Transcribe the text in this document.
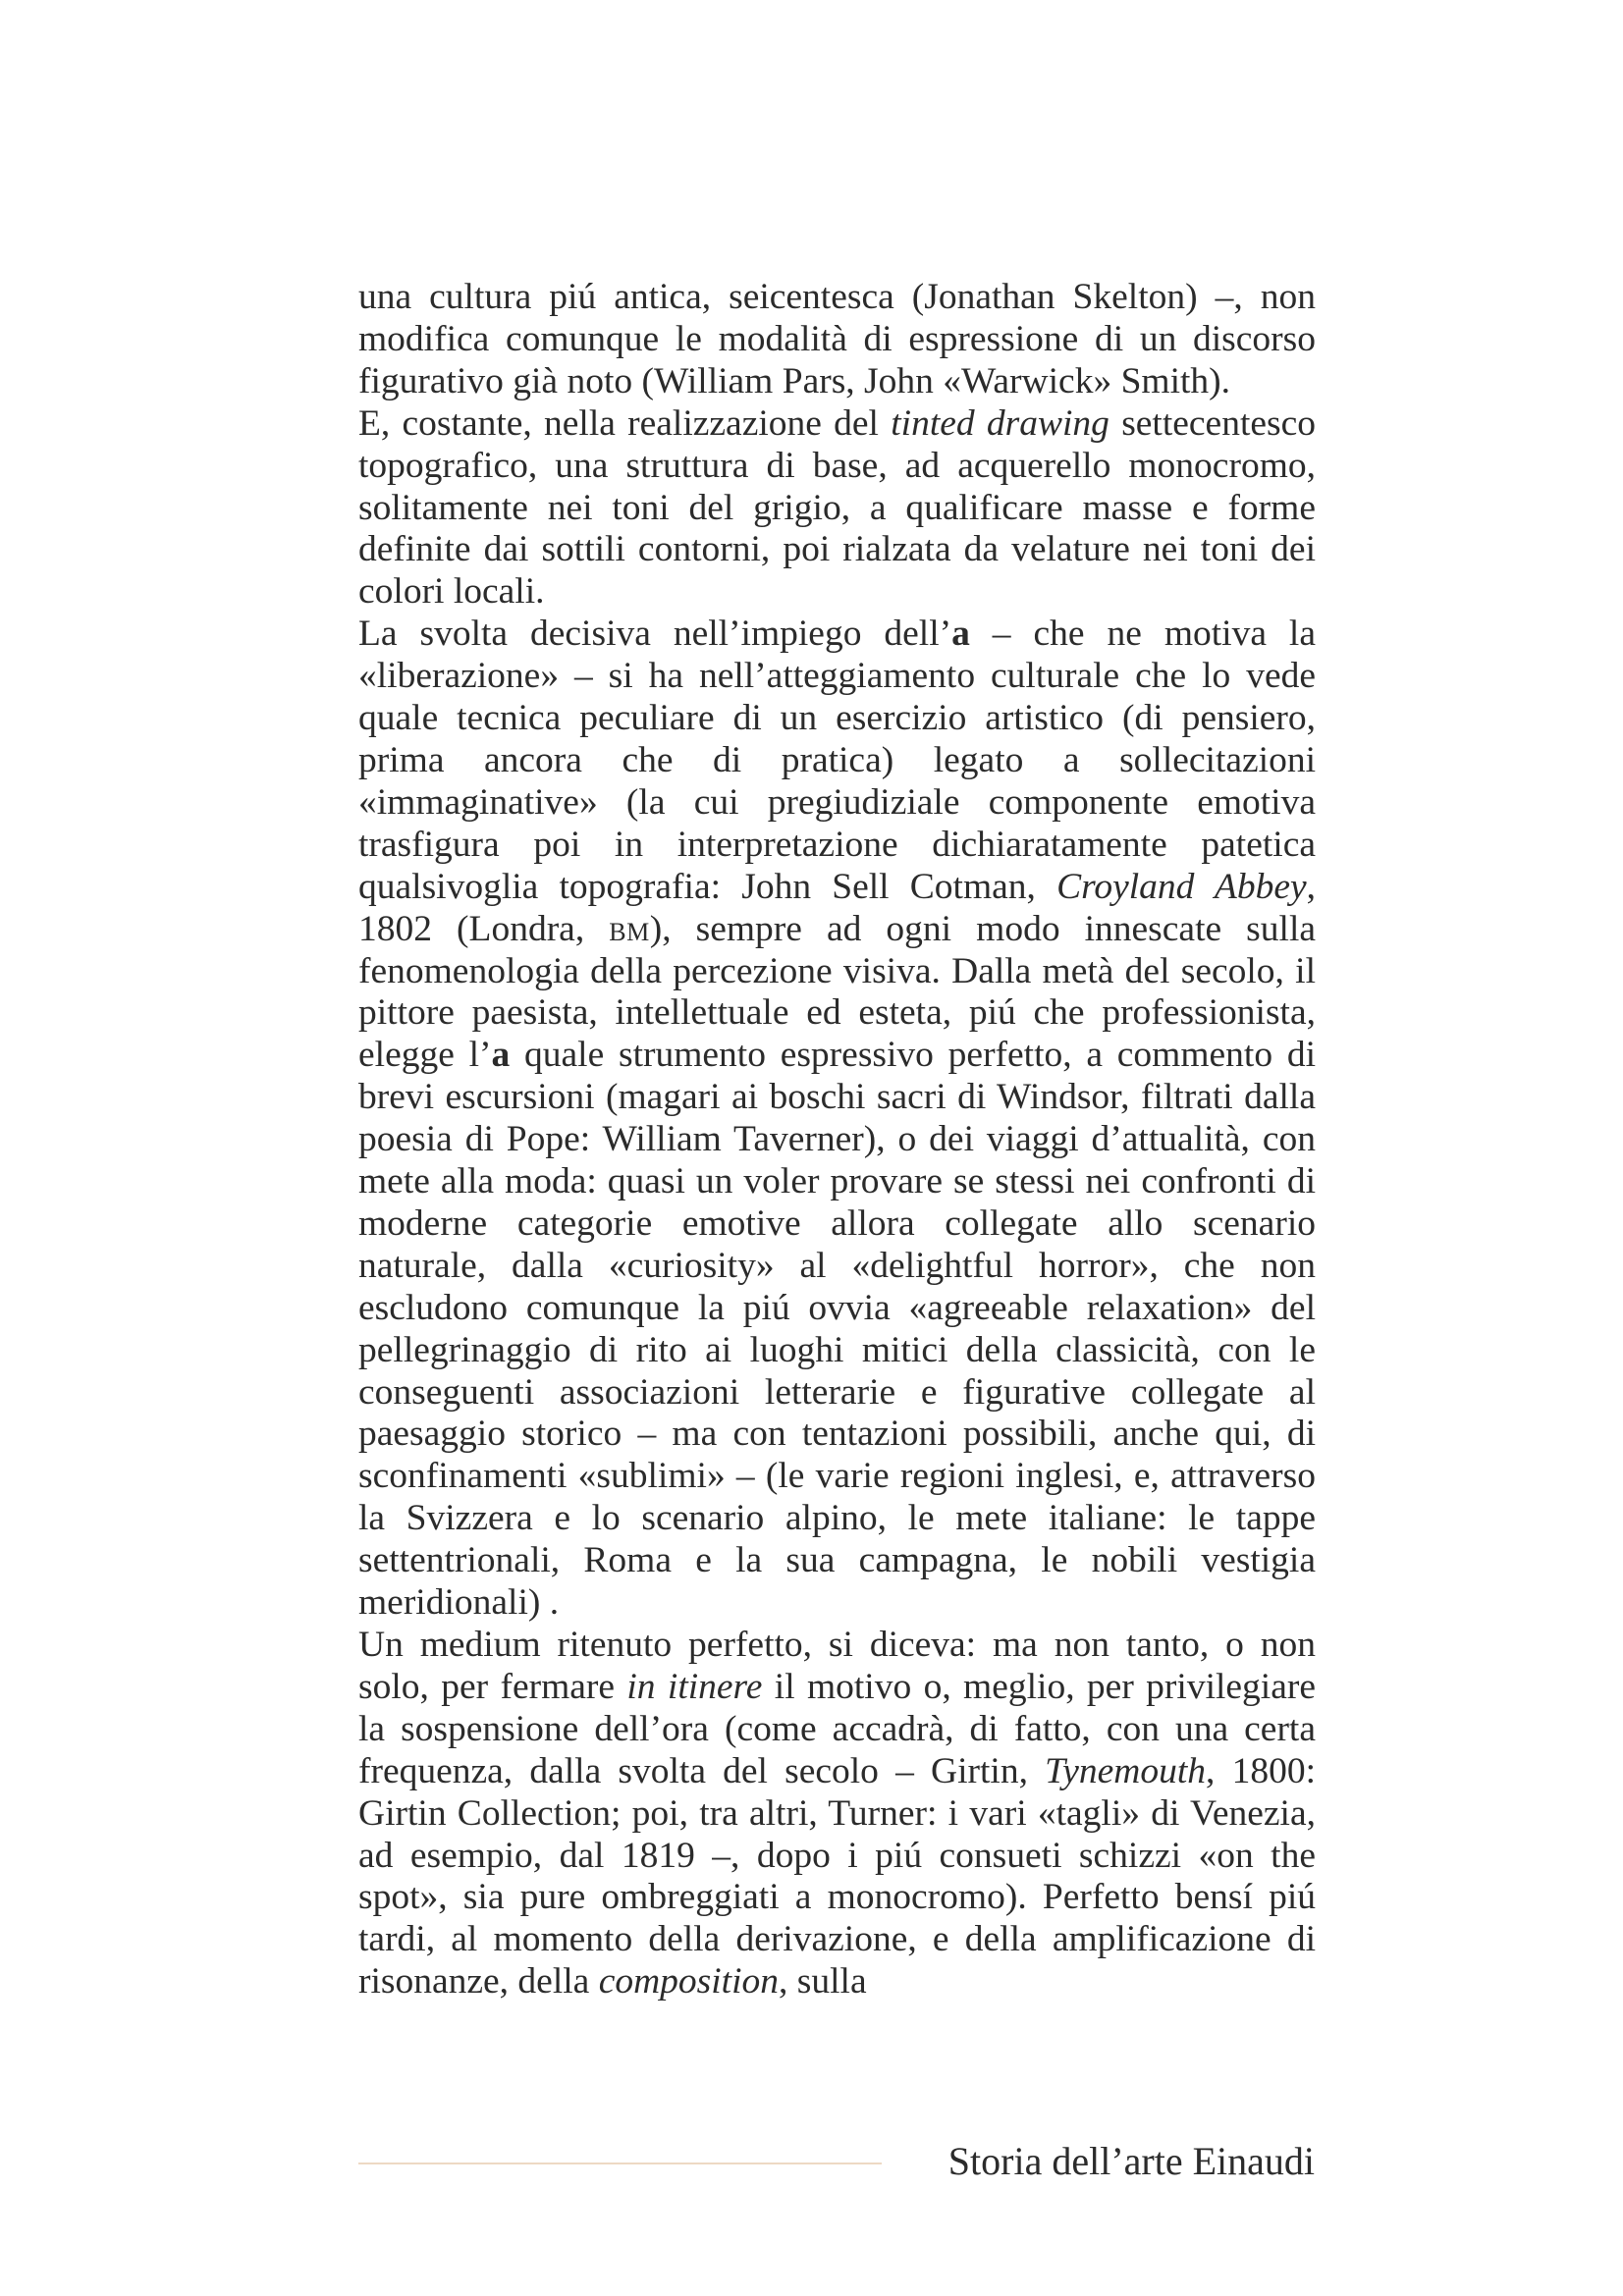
una cultura piú antica, seicentesca (Jonathan Skelton) –, non modifica comunque le modalità di espressione di un discorso figurativo già noto (William Pars, John «Warwick» Smith).

E, costante, nella realizzazione del tinted drawing settecentesco topografico, una struttura di base, ad acquerello monocromo, solitamente nei toni del grigio, a qualificare masse e forme definite dai sottili contorni, poi rialzata da velature nei toni dei colori locali.

La svolta decisiva nell’impiego dell’a – che ne motiva la «liberazione» – si ha nell’atteggiamento culturale che lo vede quale tecnica peculiare di un esercizio artistico (di pensiero, prima ancora che di pratica) legato a sollecitazioni «immaginative» (la cui pregiudiziale componente emotiva trasfigura poi in interpretazione dichiaratamente patetica qualsivoglia topografia: John Sell Cotman, Croyland Abbey, 1802 (Londra, bm), sempre ad ogni modo innescate sulla fenomenologia della percezione visiva. Dalla metà del secolo, il pittore paesista, intellettuale ed esteta, piú che professionista, elegge l’a quale strumento espressivo perfetto, a commento di brevi escursioni (magari ai boschi sacri di Windsor, filtrati dalla poesia di Pope: William Taverner), o dei viaggi d’attualità, con mete alla moda: quasi un voler provare se stessi nei confronti di moderne categorie emotive allora collegate allo scenario naturale, dalla «curiosity» al «delightful horror», che non escludono comunque la piú ovvia «agreeable relaxation» del pellegrinaggio di rito ai luoghi mitici della classicità, con le conseguenti associazioni letterarie e figurative collegate al paesaggio storico – ma con tentazioni possibili, anche qui, di sconfinamenti «sublimi» – (le varie regioni inglesi, e, attraverso la Svizzera e lo scenario alpino, le mete italiane: le tappe settentrionali, Roma e la sua campagna, le nobili vestigia meridionali) .

Un medium ritenuto perfetto, si diceva: ma non tanto, o non solo, per fermare in itinere il motivo o, meglio, per privilegiare la sospensione dell’ora (come accadrà, di fatto, con una certa frequenza, dalla svolta del secolo – Girtin, Tynemouth, 1800: Girtin Collection; poi, tra altri, Turner: i vari «tagli» di Venezia, ad esempio, dal 1819 –, dopo i piú consueti schizzi «on the spot», sia pure ombreggiati a monocromo). Perfetto bensí piú tardi, al momento della derivazione, e della amplificazione di risonanze, della composition, sulla

Storia dell’arte Einaudi
